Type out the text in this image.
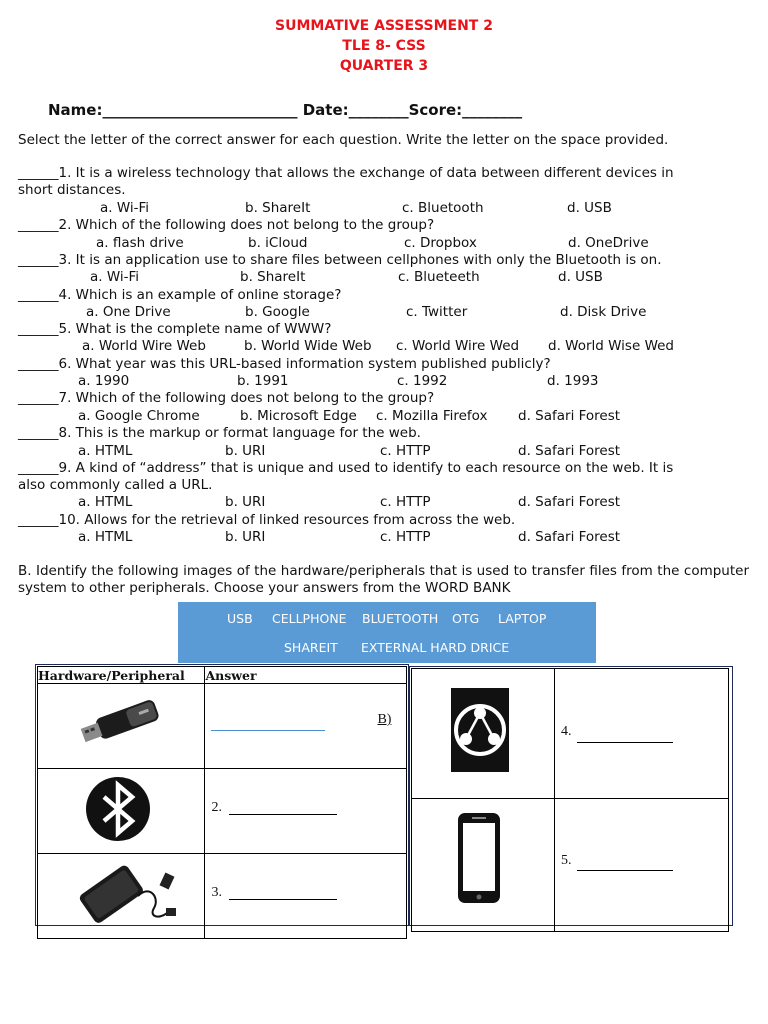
SUMMATIVE ASSESSMENT 2
TLE 8- CSS
QUARTER 3
Name:__________________________ Date:________Score:________
Select the letter of the correct answer for each question. Write the letter on the space provided.
______1. It is a wireless technology that allows the exchange of data between different devices in
short distances.
a. Wi-Fi	b. ShareIt	c. Bluetooth	d. USB
______2. Which of the following does not belong to the group?
a. flash drive	b. iCloud	c. Dropbox	d. OneDrive
______3. It is an application use to share files between cellphones with only the Bluetooth is on.
a. Wi-Fi	b. ShareIt	c. Blueteeth	d. USB
______4. Which is an example of online storage?
a. One Drive	b. Google	c. Twitter	d. Disk Drive
______5. What is the complete name of WWW?
a. World Wire Web	b. World Wide Web c. World Wire Wed d. World Wise Wed
______6. What year was this URL-based information system published publicly?
a. 1990	b. 1991	c. 1992	d. 1993
______7. Which of the following does not belong to the group?
a. Google Chrome	b. Microsoft Edge c. Mozilla Firefox d. Safari Forest
______8. This is the markup or format language for the web.
a. HTML	b. URI	c. HTTP	d. Safari Forest
______9. A kind of “address” that is unique and used to identify to each resource on the web. It is
also commonly called a URL.
a. HTML	b. URI	c. HTTP	d. Safari Forest
______10. Allows for the retrieval of linked resources from across the web.
a. HTML	b. URI	c. HTTP	d. Safari Forest
B. Identify the following images of the hardware/peripherals that is used to transfer files from the computer system to other peripherals. Choose your answers from the WORD BANK
USB CELLPHONE BLUETOOTH OTG LAPTOP
SHAREIT EXTERNAL HARD DRICE
Hardware/Peripheral	Answer

B)

2.

3.

4.

5.
